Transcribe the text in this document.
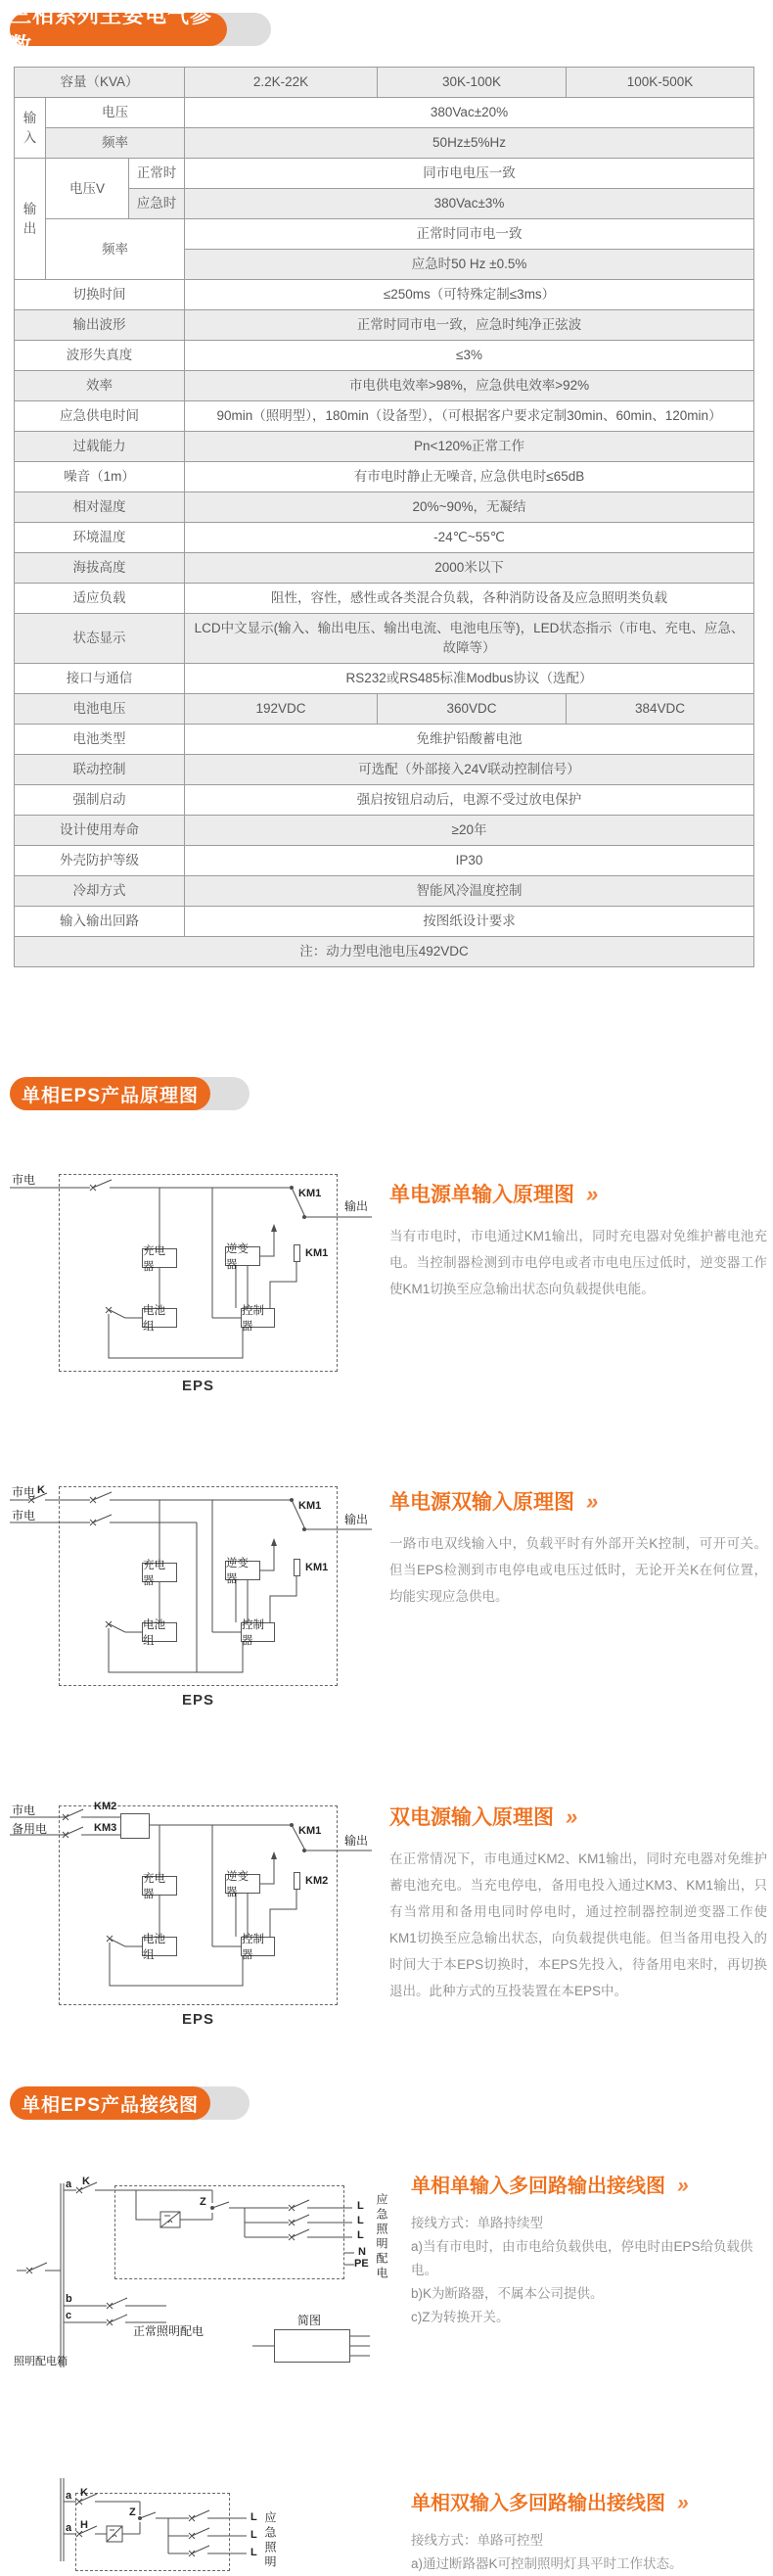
三相系列主要电气参数
容量（KVA）			2.2K-22K	30K-100K	100K-500K
输入	电压		380Vac±20%		
	频率		50Hz±5%Hz		
输出	电压V	正常时	同市电电压一致		
		应急时	380Vac±3%		
	频率		正常时同市电一致		
			应急时50 Hz ±0.5%		
切换时间			≤250ms（可特殊定制≤3ms）		
输出波形			正常时同市电一致，应急时纯净正弦波		
波形失真度			≤3%		
效率			市电供电效率>98%，应急供电效率>92%		
应急供电时间			90min（照明型），180min（设备型），（可根据客户要求定制30min、60min、120min）		
过载能力			Pn<120%正常工作		
噪音（1m）			有市电时静止无噪音, 应急供电时≤65dB		
相对湿度			20%~90%，无凝结		
环境温度			-24℃~55℃		
海拔高度			2000米以下		
适应负载			阻性，容性，感性或各类混合负载，各种消防设备及应急照明类负载		
状态显示			LCD中文显示(输入、输出电压、输出电流、电池电压等)，LED状态指示（市电、充电、应急、故障等）		
接口与通信			RS232或RS485标准Modbus协议（选配）		
电池电压			192VDC	360VDC	384VDC
电池类型			免维护铅酸蓄电池		
联动控制			可选配（外部接入24V联动控制信号）		
强制启动			强启按钮启动后，电源不受过放电保护		
设计使用寿命			≥20年		
外壳防护等级			IP30		
冷却方式			智能风冷温度控制		
输入输出回路			按图纸设计要求		
注：动力型电池电压492VDC					
单相EPS产品原理图
充电器
逆变器
电池组
控制器
市电
KM1
输出
KM1
EPS
单电源单输入原理图 »
当有市电时，市电通过KM1输出，同时充电器对免维护蓄电池充电。当控制器检测到市电停电或者市电电压过低时，逆变器工作使KM1切换至应急输出状态向负载提供电能。
充电器
逆变器
电池组
控制器
市电 K
市电
KM1
输出
KM1
EPS
单电源双输入原理图 »
一路市电双线输入中，负载平时有外部开关K控制，可开可关。但当EPS检测到市电停电或电压过低时，无论开关K在何位置，均能实现应急供电。
充电器
逆变器
电池组
控制器
市电	KM2
备用电	KM3	KM1
输出
KM2
EPS
双电源输入原理图 »
在正常情况下，市电通过KM2、KM1输出，同时充电器对免维护蓄电池充电。当充电停电，备用电投入通过KM3、KM1输出，只有当常用和备用电同时停电时，通过控制器控制逆变器工作使KM1切换至应急输出状态，向负载提供电能。但当备用电投入的时间大于本EPS切换时，本EPS先投入，待备用电来时，再切换退出。此种方式的互投装置在本EPS中。
单相EPS产品接线图
a K
Z	L
L
L
N
PE 应急照明配电
b
c
正常照明配电
照明配电箱
简图
单相单输入多回路输出接线图 »
接线方式：单路持续型
a)当有市电时，由市电给负载供电，停电时由EPS给负载供电。
b)K为断路器，不属本公司提供。
c)Z为转换开关。
a K
a H
Z	L
L
L 应急照明
单相双输入多回路输出接线图 »
接线方式：单路可控型
a)通过断路器K可控制照明灯具平时工作状态。
